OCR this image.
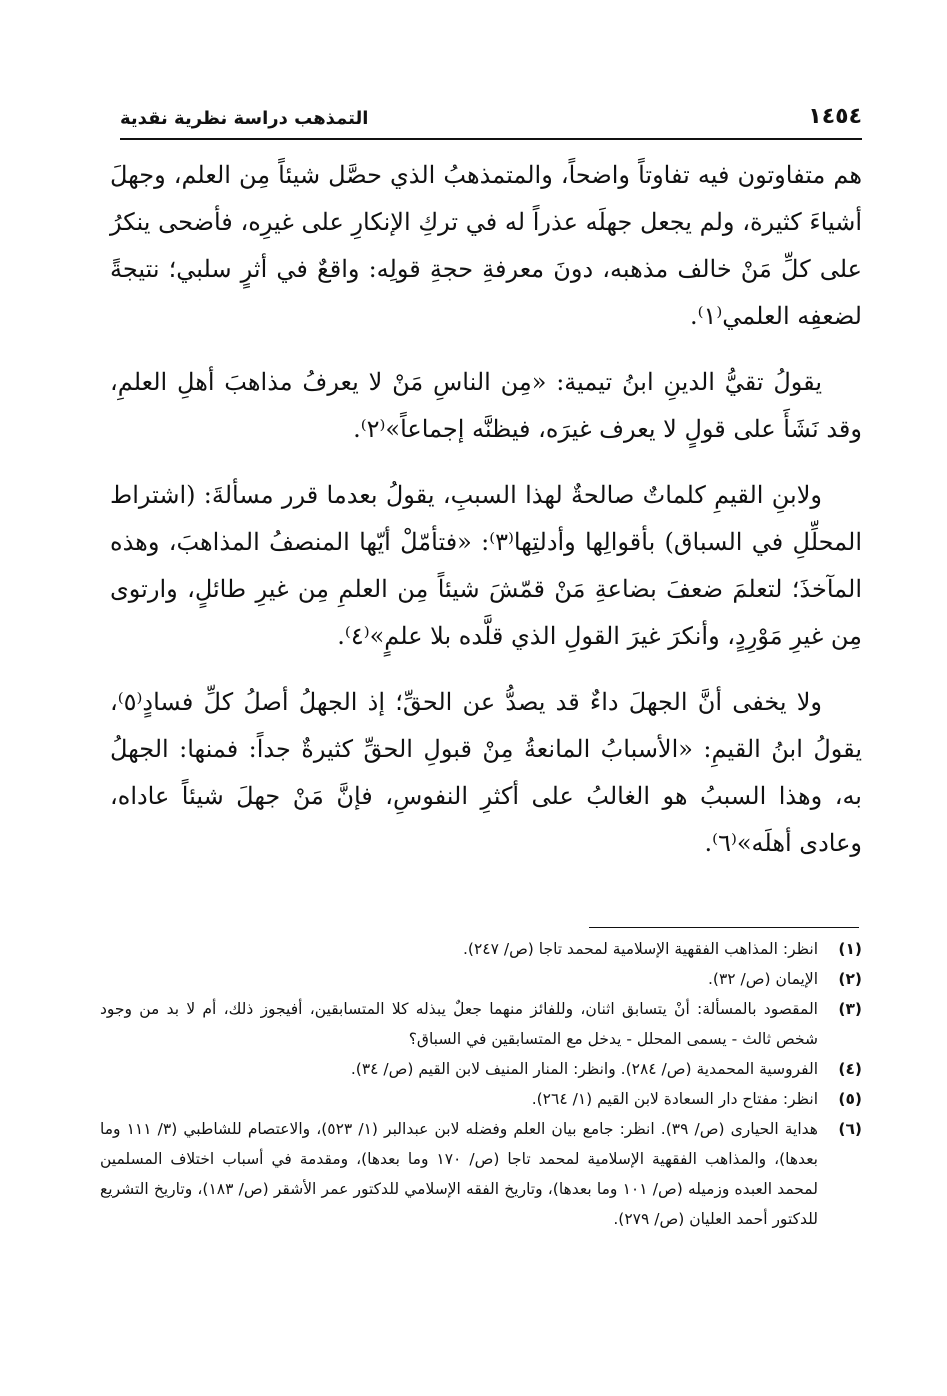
١٤٥٤
التمذهب دراسة نظرية نقدية

هم متفاوتون فيه تفاوتاً واضحاً، والمتمذهبُ الذي حصَّل شيئاً مِن العلم، وجهلَ أشياءَ كثيرة، ولم يجعل جهلَه عذراً له في تركِ الإنكارِ على غيرِه، فأضحى ينكرُ على كلِّ مَنْ خالف مذهبه، دونَ معرفةِ حجةِ قولِه: واقعٌ في أثرٍ سلبي؛ نتيجةً لضعفِه العلمي⁽١⁾.

يقولُ تقيُّ الدينِ ابنُ تيمية: «مِن الناسِ مَنْ لا يعرفُ مذاهبَ أهلِ العلمِ، وقد نَشَأَ على قولٍ لا يعرف غيرَه، فيظنَّه إجماعاً»⁽٢⁾.

ولابنِ القيمِ كلماتٌ صالحةٌ لهذا السببِ، يقولُ بعدما قرر مسألةَ: (اشتراط المحلِّلِ في السباق) بأقوالِها وأدلتِها⁽٣⁾: «فتأمّلْ أيّها المنصفُ المذاهبَ، وهذه المآخذَ؛ لتعلمَ ضعفَ بضاعةِ مَنْ قمّشَ شيئاً مِن العلمِ مِن غيرِ طائلٍ، وارتوى مِن غيرِ مَوْرِدٍ، وأنكرَ غيرَ القولِ الذي قلَّده بلا علمٍ»⁽٤⁾.

ولا يخفى أنَّ الجهلَ داءٌ قد يصدُّ عن الحقِّ؛ إذ الجهلُ أصلُ كلِّ فسادٍ⁽٥⁾، يقولُ ابنُ القيمِ: «الأسبابُ المانعةُ مِنْ قبولِ الحقِّ كثيرةٌ جداً: فمنها: الجهلُ به، وهذا السببُ هو الغالبُ على أكثرِ النفوسِ، فإنَّ مَنْ جهلَ شيئاً عاداه، وعادى أهلَه»⁽٦⁾.

(١)
انظر: المذاهب الفقهية الإسلامية لمحمد تاجا (ص/ ٢٤٧).
(٢)
الإيمان (ص/ ٣٢).
(٣)
المقصود بالمسألة: أنْ يتسابق اثنان، وللفائز منهما جعلٌ يبذله كلا المتسابقين، أفيجوز ذلك، أم لا بد من وجود شخص ثالث - يسمى المحلل - يدخل مع المتسابقين في السباق؟
(٤)
الفروسية المحمدية (ص/ ٢٨٤). وانظر: المنار المنيف لابن القيم (ص/ ٣٤).
(٥)
انظر: مفتاح دار السعادة لابن القيم (١/ ٢٦٤).
(٦)
هداية الحيارى (ص/ ٣٩). انظر: جامع بيان العلم وفضله لابن عبدالبر (١/ ٥٢٣)، والاعتصام للشاطبي (٣/ ١١١ وما بعدها)، والمذاهب الفقهية الإسلامية لمحمد تاجا (ص/ ١٧٠ وما بعدها)، ومقدمة في أسباب اختلاف المسلمين لمحمد العبده وزميله (ص/ ١٠١ وما بعدها)، وتاريخ الفقه الإسلامي للدكتور عمر الأشقر (ص/ ١٨٣)، وتاريخ التشريع للدكتور أحمد العليان (ص/ ٢٧٩).
